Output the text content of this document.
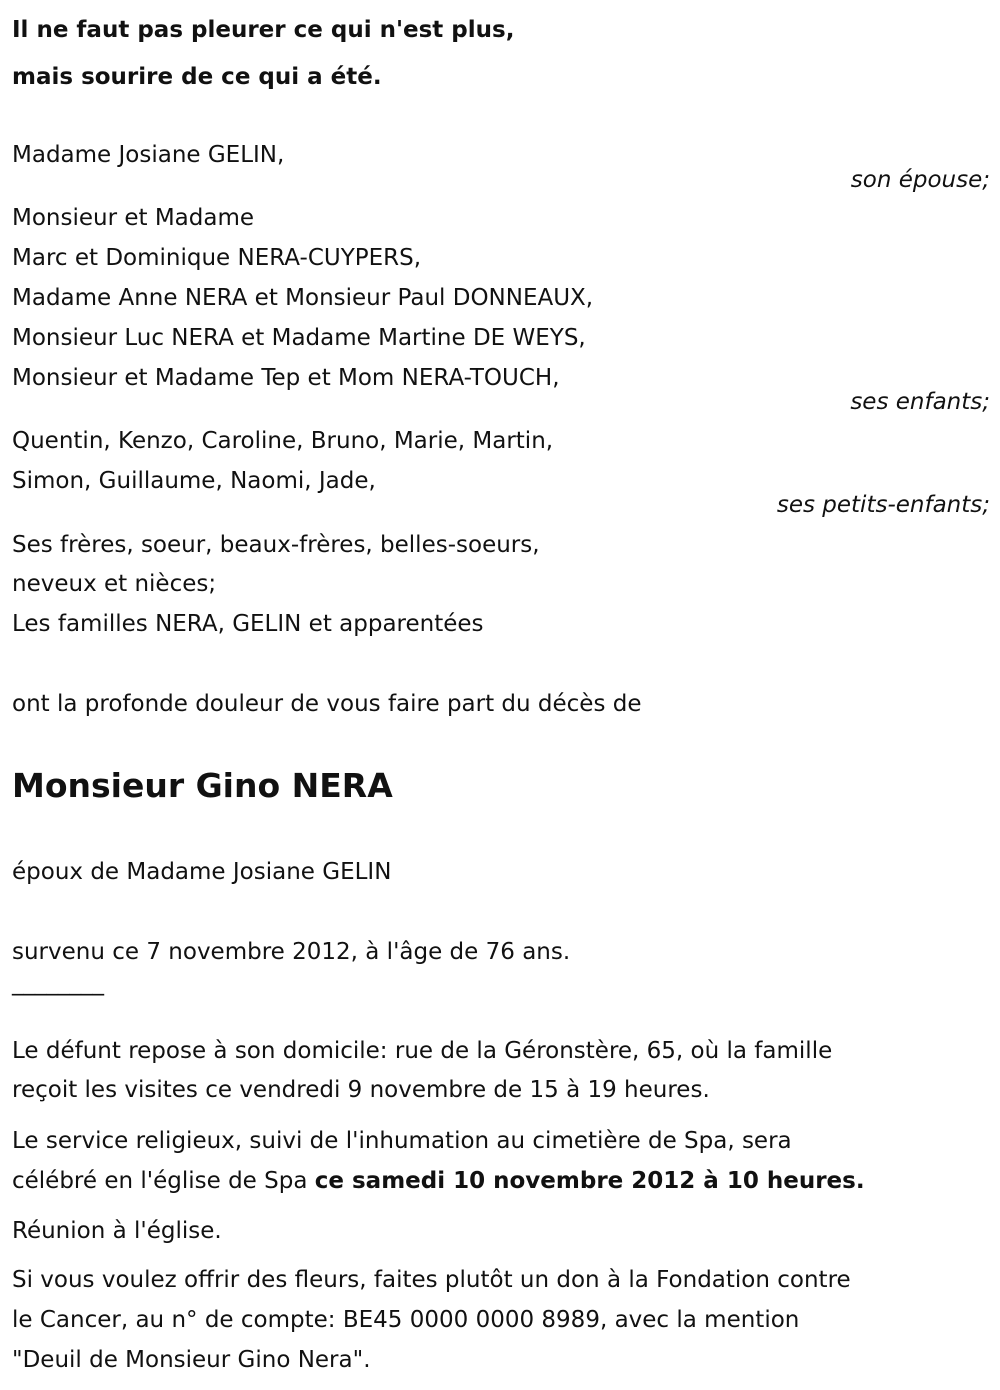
Il ne faut pas pleurer ce qui n'est plus,
mais sourire de ce qui a été.
Madame Josiane GELIN,
son épouse;
Monsieur et Madame
Marc et Dominique NERA-CUYPERS,
Madame Anne NERA et Monsieur Paul DONNEAUX,
Monsieur Luc NERA et Madame Martine DE WEYS,
Monsieur et Madame Tep et Mom NERA-TOUCH,
ses enfants;
Quentin, Kenzo, Caroline, Bruno, Marie, Martin,
Simon, Guillaume, Naomi, Jade,
ses petits-enfants;
Ses frères, soeur, beaux-frères, belles-soeurs,
neveux et nièces;
Les familles NERA, GELIN et apparentées
ont la profonde douleur de vous faire part du décès de
Monsieur Gino NERA
époux de Madame Josiane GELIN
survenu ce 7 novembre 2012, à l'âge de 76 ans.
________
Le défunt repose à son domicile: rue de la Géronstère, 65, où la famille
reçoit les visites ce vendredi 9 novembre de 15 à 19 heures.
Le service religieux, suivi de l'inhumation au cimetière de Spa, sera
célébré en l'église de Spa ce samedi 10 novembre 2012 à 10 heures.
Réunion à l'église.
Si vous voulez offrir des fleurs, faites plutôt un don à la Fondation contre
le Cancer, au n° de compte: BE45 0000 0000 8989, avec la mention
"Deuil de Monsieur Gino Nera".
